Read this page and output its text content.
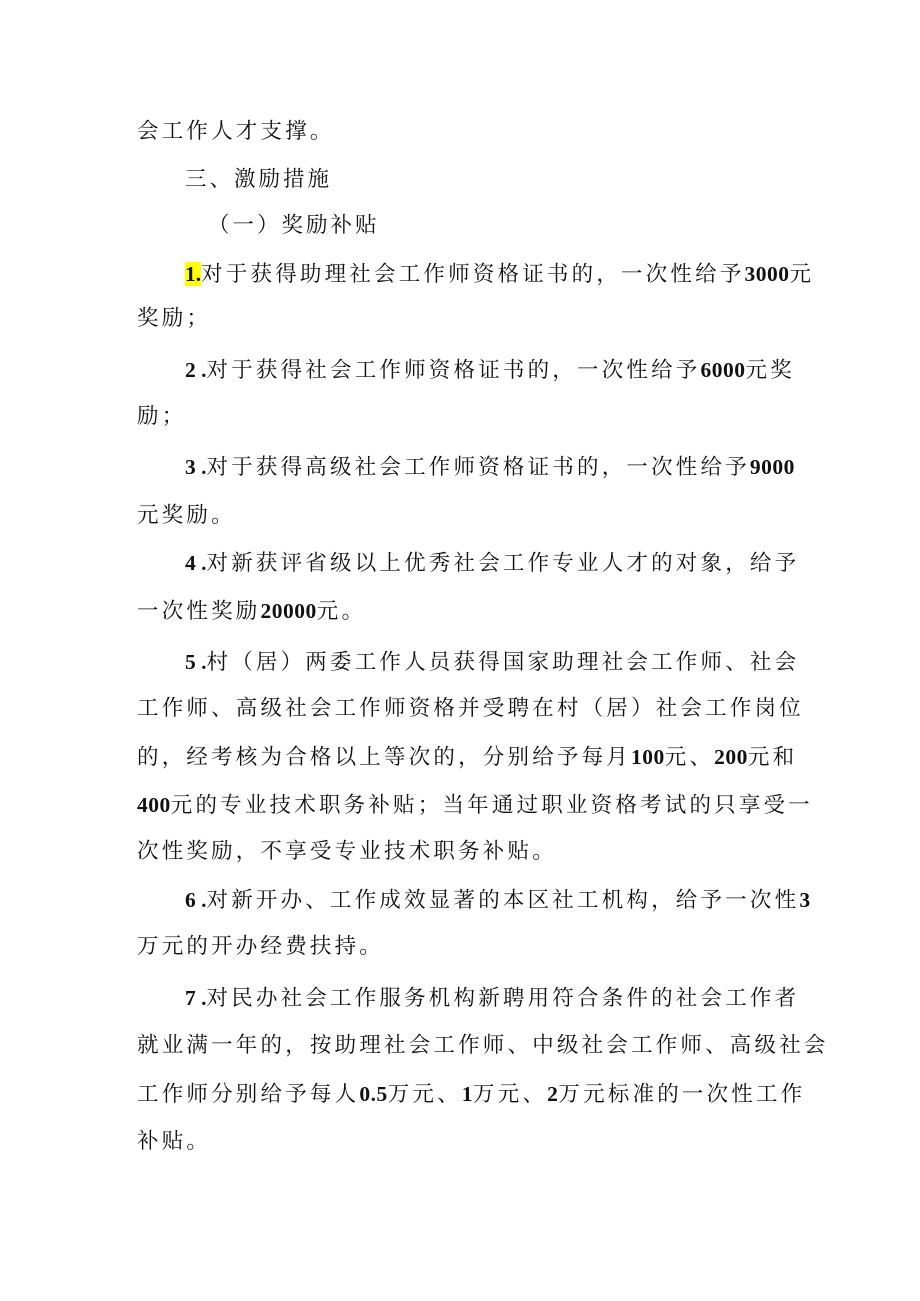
会工作人才支撑。
三、激励措施
（一）奖励补贴
1.对于获得助理社会工作师资格证书的，一次性给予3000元
奖励；
2 .对于获得社会工作师资格证书的，一次性给予6000元奖
励；
3 .对于获得高级社会工作师资格证书的，一次性给予9000
元奖励。
4 .对新获评省级以上优秀社会工作专业人才的对象，给予
一次性奖励20000元。
5 .村（居）两委工作人员获得国家助理社会工作师、社会
工作师、高级社会工作师资格并受聘在村（居）社会工作岗位
的，经考核为合格以上等次的，分别给予每月100元、200元和
400元的专业技术职务补贴；当年通过职业资格考试的只享受一
次性奖励，不享受专业技术职务补贴。
6 .对新开办、工作成效显著的本区社工机构，给予一次性3
万元的开办经费扶持。
7 .对民办社会工作服务机构新聘用符合条件的社会工作者
就业满一年的，按助理社会工作师、中级社会工作师、高级社会
工作师分别给予每人0.5万元、1万元、2万元标准的一次性工作
补贴。
